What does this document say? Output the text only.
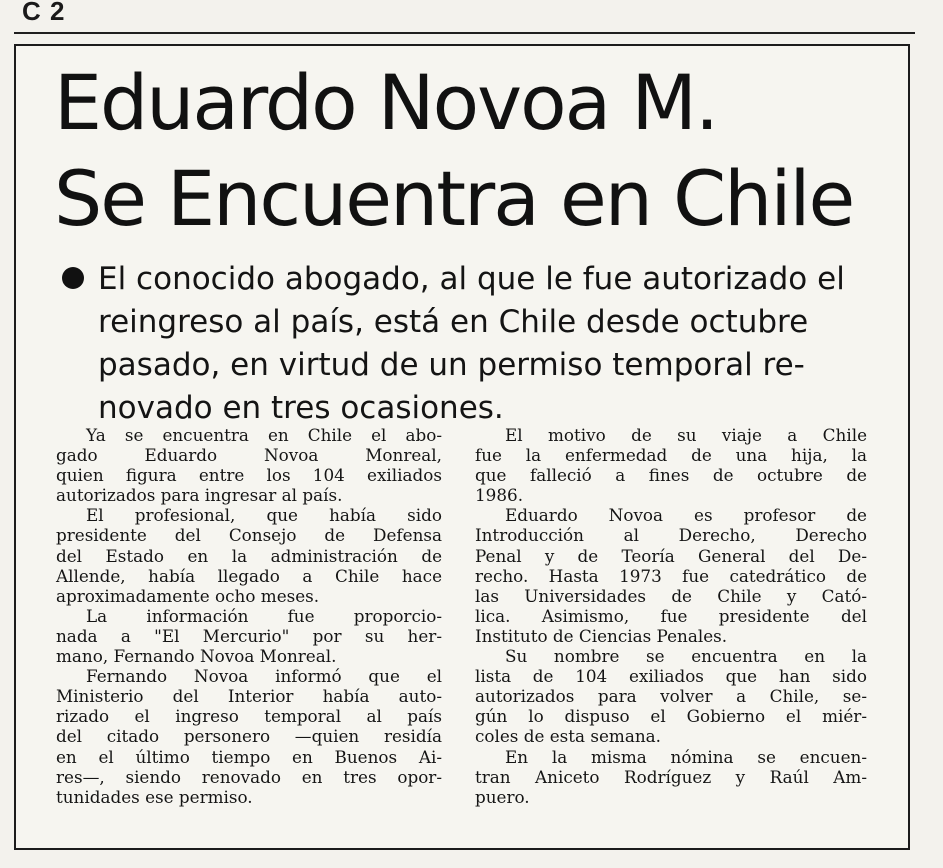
C 2
Eduardo Novoa M.
Se Encuentra en Chile
El conocido abogado, al que le fue autorizado el
reingreso al país, está en Chile desde octubre
pasado, en virtud de un permiso temporal re-
novado en tres ocasiones.
Ya se encuentra en Chile el abo-
gado Eduardo Novoa Monreal,
quien figura entre los 104 exiliados
autorizados para ingresar al país.
El profesional, que había sido
presidente del Consejo de Defensa
del Estado en la administración de
Allende, había llegado a Chile hace
aproximadamente ocho meses.
La información fue proporcio-
nada a "El Mercurio" por su her-
mano, Fernando Novoa Monreal.
Fernando Novoa informó que el
Ministerio del Interior había auto-
rizado el ingreso temporal al país
del citado personero —quien residía
en el último tiempo en Buenos Ai-
res—, siendo renovado en tres opor-
tunidades ese permiso.
El motivo de su viaje a Chile
fue la enfermedad de una hija, la
que falleció a fines de octubre de
1986.
Eduardo Novoa es profesor de
Introducción al Derecho, Derecho
Penal y de Teoría General del De-
recho. Hasta 1973 fue catedrático de
las Universidades de Chile y Cató-
lica. Asimismo, fue presidente del
Instituto de Ciencias Penales.
Su nombre se encuentra en la
lista de 104 exiliados que han sido
autorizados para volver a Chile, se-
gún lo dispuso el Gobierno el miér-
coles de esta semana.
En la misma nómina se encuen-
tran Aniceto Rodríguez y Raúl Am-
puero.
